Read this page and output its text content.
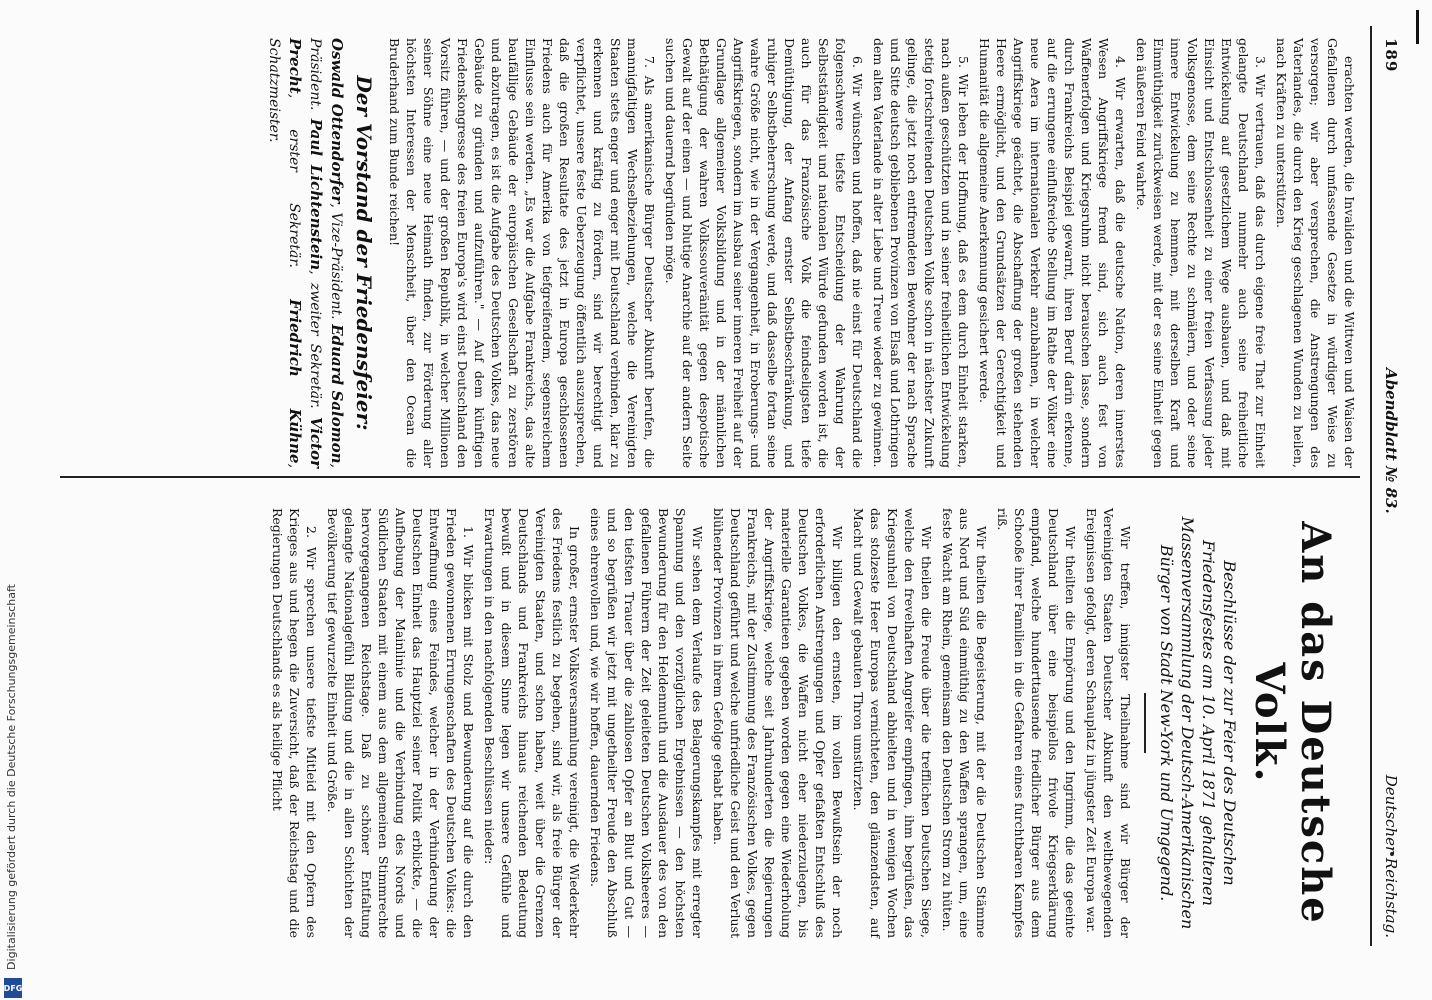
189
Abendblatt № 83.
Deutscher Reichstag.

erachten werden, die Invaliden und die Wittwen und Waisen der Gefallenen durch umfassende Gesetze in würdiger Weise zu versorgen; wir aber versprechen, die Anstrengungen des Vaterlandes, die durch den Krieg geschlagenen Wunden zu heilen, nach Kräften zu unterstützen.

3. Wir vertrauen, daß das durch eigene freie That zur Einheit gelangte Deutschland nunmehr auch seine freiheitliche Entwickelung auf gesetzlichem Wege ausbauen, und daß mit Einsicht und Entschlossenheit zu einer freien Verfassung jeder Volksgenosse, dem seine Rechte zu schmälern, und oder seine innere Entwickelung zu hemmen, mit derselben Kraft und Einmüthigkeit zurückweisen werde, mit der es seine Einheit gegen den äußeren Feind wahrte.

4. Wir erwarten, daß die deutsche Nation, deren innerstes Wesen Angriffskriege fremd sind, sich auch fest von Waffenerfolgen und Kriegsruhm nicht berauschen lasse, sondern durch Frankreichs Beispiel gewarnt, ihren Beruf darin erkenne, auf die errungene einflußreiche Stellung im Rathe der Völker eine neue Aera im internationalen Verkehr anzubahnen, in welcher Angriffskriege geächtet, die Abschaffung der großen stehenden Heere ermöglicht, und den Grundsätzen der Gerechtigkeit und Humanität die allgemeine Anerkennung gesichert werde.

5. Wir leben der Hoffnung, daß es dem durch Einheit starken, nach außen geschützten und in seiner freiheitlichen Entwickelung stetig fortschreitenden Deutschen Volke schon in nächster Zukunft gelinge, die jetzt noch entfremdeten Bewohner der nach Sprache und Sitte deutsch gebliebenen Provinzen von Elsaß und Lothringen dem alten Vaterlande in alter Liebe und Treue wieder zu gewinnen.

6. Wir wünschen und hoffen, daß nie einst für Deutschland die folgenschwere tiefste Entscheidung der Wahrung der Selbstständigkeit und nationalen Würde gefunden worden ist, die auch für das Französische Volk die feindseligsten tiefe Demüthigung, der Anfang ernster Selbstbeschränkung, und ruhiger Selbstbeherrschung werde, und daß dasselbe fortan seine wahre Größe nicht, wie in der Vergangenheit, in Eroberungs- und Angriffskriegen, sondern im Ausbau seiner inneren Freiheit auf der Grundlage allgemeiner Volksbildung und in der männlichen Bethätigung der wahren Volkssouveränität gegen despotische Gewalt auf der einen — und blutige Anarchie auf der andern Seite suchen und dauernd begründen möge.

7. Als amerikanische Bürger Deutscher Abkunft berufen, die mannigfaltigen Wechselbeziehungen, welche die Vereinigten Staaten stets enger und enger mit Deutschland verbinden, klar zu erkennen und kräftig zu fördern, sind wir berechtigt und verpflichtet, unsere feste Ueberzeugung öffentlich auszusprechen, daß die großen Resultate des jetzt in Europa geschlossenen Friedens auch für Amerika von tiefgreifendem, segensreichem Einflusse sein werden. „Es war die Aufgabe Frankreichs, das alte baufällige Gebäude der europäischen Gesellschaft zu zerstören und abzutragen, es ist die Aufgabe des Deutschen Volkes, das neue Gebäude zu gründen und aufzuführen." — Auf dem künftigen Friedenskongresse des freien Europa's wird einst Deutschland den Vorsitz führen, — und der großen Republik, in welcher Millionen seiner Söhne eine neue Heimath finden, zur Förderung aller höchsten Interessen der Menschheit, über den Ocean die Bruderhand zum Bunde reichen!

Der Vorstand der Friedensfeier:
Oswald Ottendorfer, Vize-Präsident. Eduard Salomon, Präsident. Paul Lichtenstein, zweiter Sekretär. Victor Precht, erster Sekretär. Friedrich Kühne, Schatzmeister.
An das Deutsche Volk.
Beschlüsse der zur Feier des Deutschen Friedensfestes am 10. April 1871 gehaltenen Massenversammlung der Deutsch-Amerikanischen Bürger von Stadt New-York und Umgegend.

Wir treffen, innigster Theilnahme sind wir Bürger der Vereinigten Staaten Deutscher Abkunft den welthewegenden Ereignissen gefolgt, deren Schauplatz in jüngster Zeit Europa war.

Wir theilten die Empörung und den Ingrimm, die das geeinte Deutschland über eine beispiellos frivole Kriegserklärung empfand, welche hunderttausende friedlicher Bürger aus dem Schooße ihrer Familien in die Gefahren eines furchtbaren Kampfes riß.

Wir theilten die Begeisterung, mit der die Deutschen Stämme aus Nord und Süd einmüthig zu den Waffen sprangen, um, eine feste Wacht am Rhein, gemeinsam den Deutschen Strom zu hüten.

Wir theilen die Freude über die trefflichen Deutschen Siege, welche den frevelhaften Angreifer empfingen, ihm begrüßen, das Kriegsunheil von Deutschland abhielten und in wenigen Wochen das stolzeste Heer Europas vernichteten, den glänzendsten, auf Macht und Gewalt gebauten Thron umstürzten.

Wir billigen den ernsten, im vollen Bewußtsein der noch erforderlichen Anstrengungen und Opfer gefaßten Entschluß des Deutschen Volkes, die Waffen nicht eher niederzulegen, bis materielle Garantieen gegeben worden gegen eine Wiederholung der Angriffskriege, welche seit Jahrhunderten die Regierungen Frankreichs, mit der Zustimmung des Französischen Volkes, gegen Deutschland geführt und welche unfriedliche Geist und den Verlust blühender Provinzen in ihrem Gefolge gehabt haben.

Wir sehen dem Verlaufe des Belagerungskampfes mit erregter Spannung und den vorzüglichen Ergebnissen — den höchsten Bewunderung für den Heldenmuth und die Ausdauer des von den gefallenen Führern der Zeit geleiteten Deutschen Volksheeres — den tiefsten Trauer über die zahllosen Opfer an Blut und Gut — und so begrüßen wir jetzt mit ungetheilter Freude den Abschluß eines ehrenvollen und, wie wir hoffen, dauernden Friedens.

In großer, ernster Volksversammlung vereinigt, die Wiederkehr des Friedens festlich zu begehen, sind wir, als freie Bürger der Vereinigten Staaten, und schon haben, weit über die Grenzen Deutschlands und Frankreichs hinaus reichenden Bedeutung bewußt und in diesem Sinne legen wir unsere Gefühle und Erwartungen in den nachfolgenden Beschlüssen nieder:

1. Wir blicken mit Stolz und Bewunderung auf die durch den Frieden gewonnenen Errungenschaften des Deutschen Volkes: die Entwaffnung eines Feindes, welcher in der Verhinderung der Deutschen Einheit das Hauptziel seiner Politik erblickte, — die Aufhebung der Mainlinie und die Verbindung des Nords und Südlichen Staaten mit einem aus dem allgemeinen Stimmrechte hervorgegangenen Reichstage. Daß zu schöner Entfaltung gelangte Nationalgefühl Bildung und die in allen Schichten der Bevölkerung tief gewurzelte Einheit und Größe.

2. Wir sprechen unsere tiefste Mitleid mit den Opfern des Krieges aus und hegen die Zuversicht, daß der Reichstag und die Regierungen Deutschlands es als heilige Pflicht

Digitalisierung gefördert durch die Deutsche Forschungsgemeinschaft
DFG
